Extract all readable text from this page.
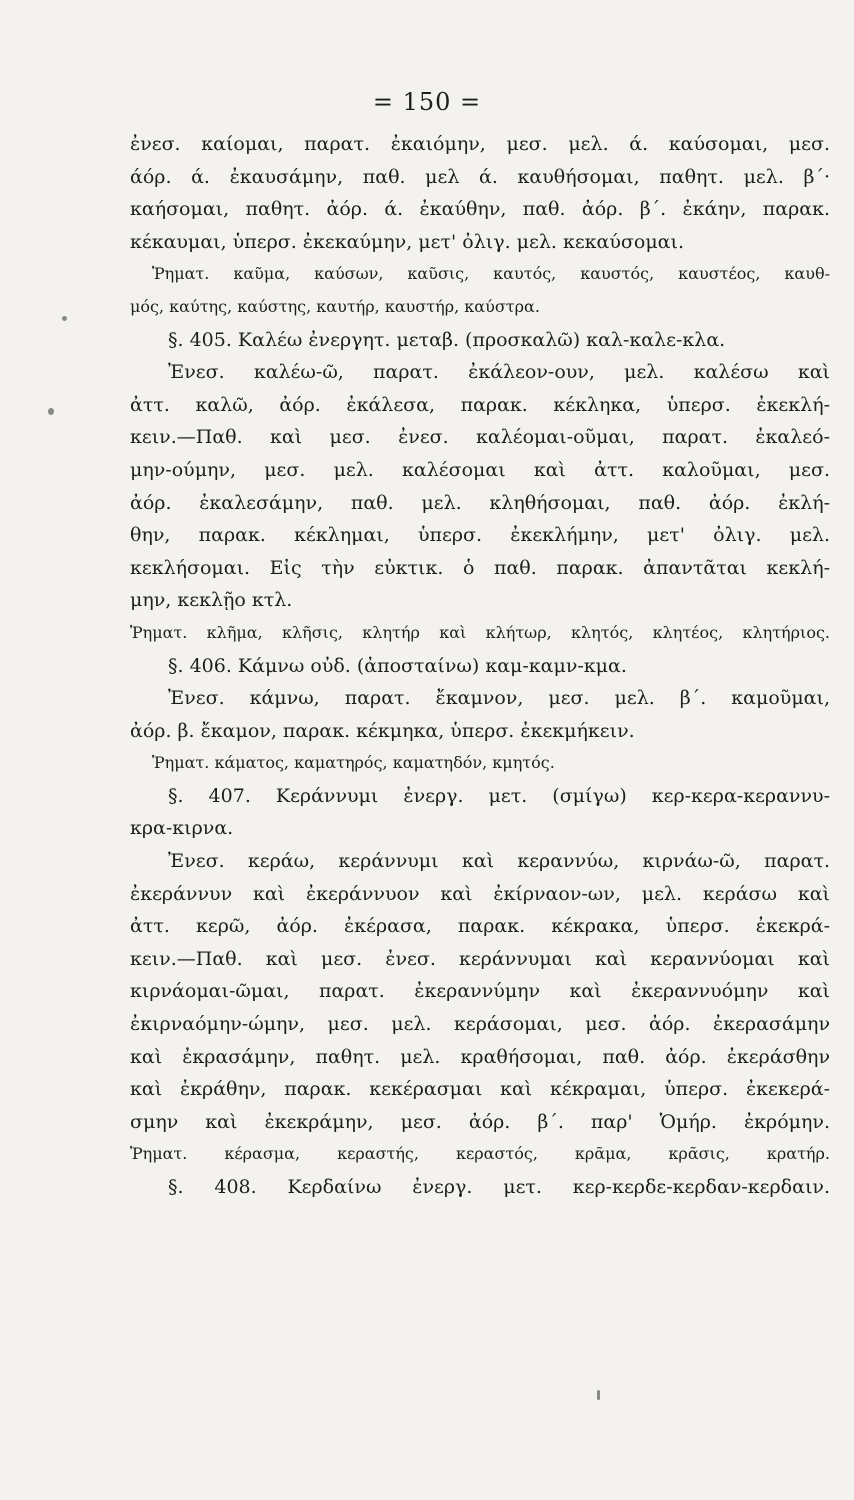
= 150 =
ἐνεσ. καίομαι, παρατ. ἐκαιόμην, μεσ. μελ. ά. καύσομαι, μεσ.
άόρ. ά. ἐκαυσάμην, παθ. μελ ά. καυθήσομαι, παθητ. μελ. β΄·
καήσομαι, παθητ. ἀόρ. ά. ἐκαύθην, παθ. ἀόρ. β΄. ἐκάην, παρακ.
κέκαυμαι, ὑπερσ. ἐκεκαύμην, μετ' ὀλιγ. μελ. κεκαύσομαι.
Ῥηματ. καῦμα, καύσων, καῦσις, καυτός, καυστός, καυστέος, καυθ-
μός, καύτης, καύστης, καυτήρ, καυστήρ, καύστρα.
§. 405. Καλέω ἐνεργητ. μεταβ. (προσκαλῶ) καλ-καλε-κλα.
Ἐνεσ. καλέω-ῶ, παρατ. ἐκάλεον-ουν, μελ. καλέσω καὶ
ἀττ. καλῶ, ἀόρ. ἐκάλεσα, παρακ. κέκληκα, ὑπερσ. ἐκεκλή-
κειν.—Παθ. καὶ μεσ. ἐνεσ. καλέομαι-οῦμαι, παρατ. ἐκαλεό-
μην-ούμην, μεσ. μελ. καλέσομαι καὶ ἀττ. καλοῦμαι, μεσ.
ἀόρ. ἐκαλεσάμην, παθ. μελ. κληθήσομαι, παθ. ἀόρ. ἐκλή-
θην, παρακ. κέκλημαι, ὑπερσ. ἐκεκλήμην, μετ' ὀλιγ. μελ.
κεκλήσομαι. Εἰς τὴν εὐκτικ. ὁ παθ. παρακ. ἀπαντᾶται κεκλή-
μην, κεκλῇο κτλ.
Ῥηματ. κλῆμα, κλῆσις, κλητήρ καὶ κλήτωρ, κλητός, κλητέος, κλητήριος.
§. 406. Κάμνω οὐδ. (ἀποσταίνω) καμ-καμν-κμα.
Ἐνεσ. κάμνω, παρατ. ἔκαμνον, μεσ. μελ. β΄. καμοῦμαι,
ἀόρ. β. ἔκαμον, παρακ. κέκμηκα, ὑπερσ. ἐκεκμήκειν.
Ῥηματ. κάματος, καματηρός, καματηδόν, κμητός.
§. 407. Κεράννυμι ἐνεργ. μετ. (σμίγω) κερ-κερα-κεραννυ-
κρα-κιρνα.
Ἐνεσ. κεράω, κεράννυμι καὶ κεραννύω, κιρνάω-ῶ, παρατ.
ἐκεράννυν καὶ ἐκεράννυον καὶ ἐκίρναον-ων, μελ. κεράσω καὶ
ἀττ. κερῶ, ἀόρ. ἐκέρασα, παρακ. κέκρακα, ὑπερσ. ἐκεκρά-
κειν.—Παθ. καὶ μεσ. ἐνεσ. κεράννυμαι καὶ κεραννύομαι καὶ
κιρνάομαι-ῶμαι, παρατ. ἐκεραννύμην καὶ ἐκεραννυόμην καὶ
ἐκιρναόμην-ώμην, μεσ. μελ. κεράσομαι, μεσ. ἀόρ. ἐκερασάμην
καὶ ἐκρασάμην, παθητ. μελ. κραθήσομαι, παθ. ἀόρ. ἐκεράσθην
καὶ ἐκράθην, παρακ. κεκέρασμαι καὶ κέκραμαι, ὑπερσ. ἐκεκερά-
σμην καὶ ἐκεκράμην, μεσ. ἀόρ. β΄. παρ' Ὁμήρ. ἐκρόμην.
Ῥηματ. κέρασμα, κεραστής, κεραστός, κρᾶμα, κρᾶσις, κρατήρ.
§. 408. Κερδαίνω ἐνεργ. μετ. κερ-κερδε-κερδαν-κερδαιν.
